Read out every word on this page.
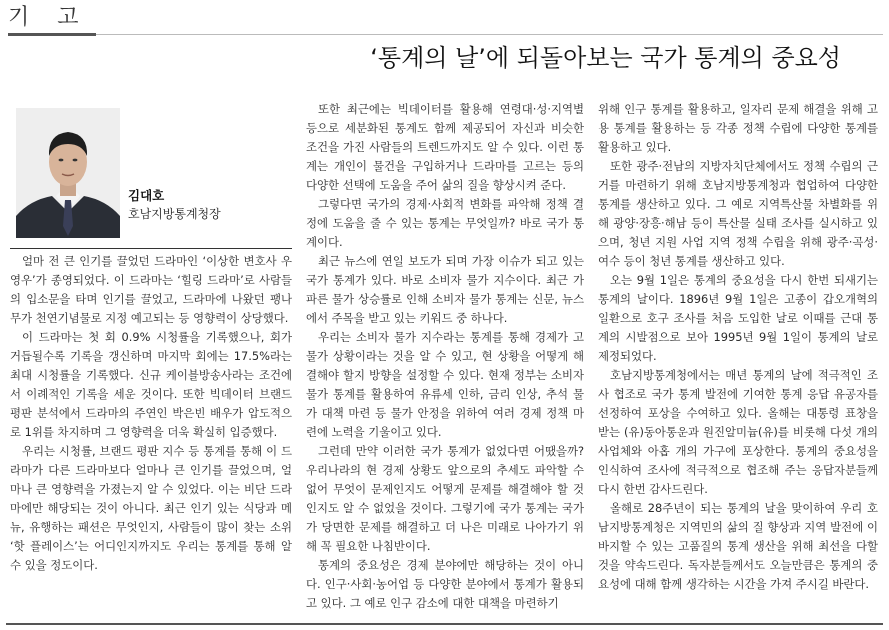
기고
‘통계의 날’에 되돌아보는 국가 통계의 중요성
김대호
호남지방통계청장

얼마 전 큰 인기를 끌었던 드라마인 ‘이상한 변호사 우영우’가 종영되었다. 이 드라마는 ‘힐링 드라마’로 사람들의 입소문을 타며 인기를 끌었고, 드라마에 나왔던 팽나무가 천연기념물로 지정 예고되는 등 영향력이 상당했다.

이 드라마는 첫 회 0.9% 시청률을 기록했으나, 회가 거듭될수록 기록을 갱신하며 마지막 회에는 17.5%라는 최대 시청률을 기록했다. 신규 케이블방송사라는 조건에서 이례적인 기록을 세운 것이다. 또한 빅데이터 브랜드 평판 분석에서 드라마의 주연인 박은빈 배우가 압도적으로 1위를 차지하며 그 영향력을 더욱 확실히 입증했다.

우리는 시청률, 브랜드 평판 지수 등 통계를 통해 이 드라마가 다른 드라마보다 얼마나 큰 인기를 끌었으며, 얼마나 큰 영향력을 가졌는지 알 수 있었다. 이는 비단 드라마에만 해당되는 것이 아니다. 최근 인기 있는 식당과 메뉴, 유행하는 패션은 무엇인지, 사람들이 많이 찾는 소위 ‘핫 플레이스’는 어디인지까지도 우리는 통계를 통해 알 수 있을 정도이다.

또한 최근에는 빅데이터를 활용해 연령대·성·지역별 등으로 세분화된 통계도 함께 제공되어 자신과 비슷한 조건을 가진 사람들의 트렌드까지도 알 수 있다. 이런 통계는 개인이 물건을 구입하거나 드라마를 고르는 등의 다양한 선택에 도움을 주어 삶의 질을 향상시켜 준다.

그렇다면 국가의 경제·사회적 변화를 파악해 정책 결정에 도움을 줄 수 있는 통계는 무엇일까? 바로 국가 통계이다.

최근 뉴스에 연일 보도가 되며 가장 이슈가 되고 있는 국가 통계가 있다. 바로 소비자 물가 지수이다. 최근 가파른 물가 상승률로 인해 소비자 물가 통계는 신문, 뉴스에서 주목을 받고 있는 키워드 중 하나다.

우리는 소비자 물가 지수라는 통계를 통해 경제가 고물가 상황이라는 것을 알 수 있고, 현 상황을 어떻게 해결해야 할지 방향을 설정할 수 있다. 현재 정부는 소비자 물가 통계를 활용하여 유류세 인하, 금리 인상, 추석 물가 대책 마련 등 물가 안정을 위하여 여러 경제 정책 마련에 노력을 기울이고 있다.

그런데 만약 이러한 국가 통계가 없었다면 어땠을까? 우리나라의 현 경제 상황도 앞으로의 추세도 파악할 수 없어 무엇이 문제인지도 어떻게 문제를 해결해야 할 것인지도 알 수 없었을 것이다. 그렇기에 국가 통계는 국가가 당면한 문제를 해결하고 더 나은 미래로 나아가기 위해 꼭 필요한 나침반이다.

통계의 중요성은 경제 분야에만 해당하는 것이 아니다. 인구·사회·농어업 등 다양한 분야에서 통계가 활용되고 있다. 그 예로 인구 감소에 대한 대책을 마련하기

위해 인구 통계를 활용하고, 일자리 문제 해결을 위해 고용 통계를 활용하는 등 각종 정책 수립에 다양한 통계를 활용하고 있다.

또한 광주·전남의 지방자치단체에서도 정책 수립의 근거를 마련하기 위해 호남지방통계청과 협업하여 다양한 통계를 생산하고 있다. 그 예로 지역특산물 차별화를 위해 광양·장흥·해남 등이 특산물 실태 조사를 실시하고 있으며, 청년 지원 사업 지역 정책 수립을 위해 광주·곡성·여수 등이 청년 통계를 생산하고 있다.

오는 9월 1일은 통계의 중요성을 다시 한번 되새기는 통계의 날이다. 1896년 9월 1일은 고종이 갑오개혁의 일환으로 호구 조사를 처음 도입한 날로 이때를 근대 통계의 시발점으로 보아 1995년 9월 1일이 통계의 날로 제정되었다.

호남지방통계청에서는 매년 통계의 날에 적극적인 조사 협조로 국가 통계 발전에 기여한 통계 응답 유공자를 선정하여 포상을 수여하고 있다. 올해는 대통령 표창을 받는 (유)동아통운과 원진알미늄(유)를 비롯해 다섯 개의 사업체와 아홉 개의 가구에 포상한다. 통계의 중요성을 인식하여 조사에 적극적으로 협조해 주는 응답자분들께 다시 한번 감사드린다.

올해로 28주년이 되는 통계의 날을 맞이하여 우리 호남지방통계청은 지역민의 삶의 질 향상과 지역 발전에 이바지할 수 있는 고품질의 통계 생산을 위해 최선을 다할 것을 약속드린다. 독자분들께서도 오늘만큼은 통계의 중요성에 대해 함께 생각하는 시간을 가져 주시길 바란다.
